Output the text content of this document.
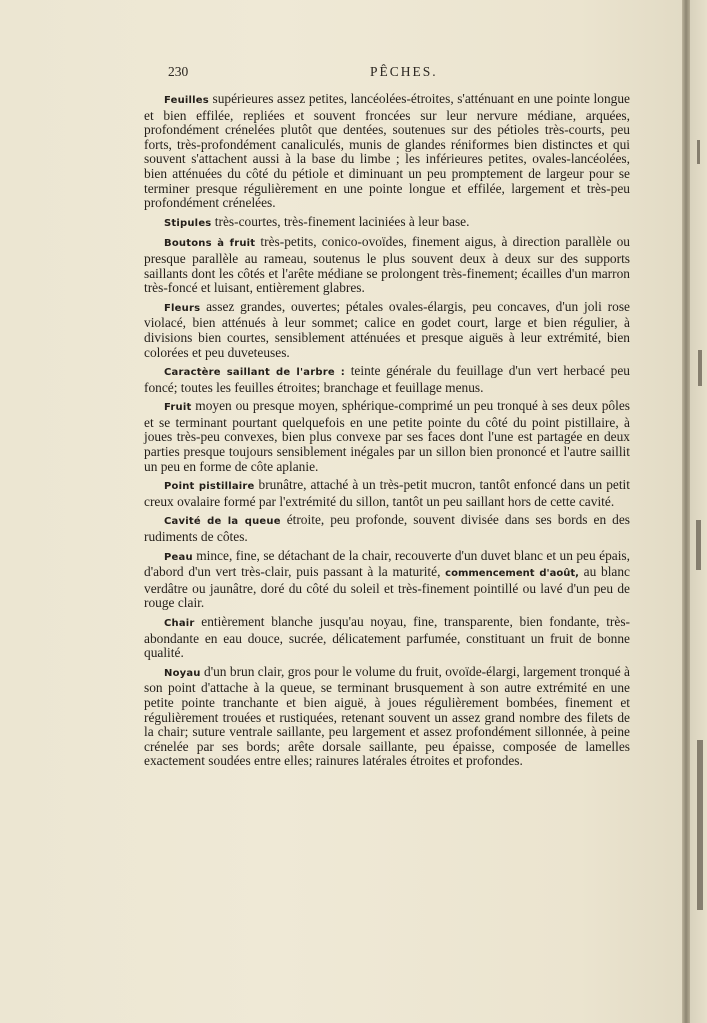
230	PÊCHES.

Feuilles supérieures assez petites, lancéolées-étroites, s'atténuant en une pointe longue et bien effilée, repliées et souvent froncées sur leur nervure médiane, arquées, profondément crénelées plutôt que dentées, soutenues sur des pétioles très-courts, peu forts, très-profondément canaliculés, munis de glandes réniformes bien distinctes et qui souvent s'attachent aussi à la base du limbe ; les inférieures petites, ovales-lancéolées, bien atténuées du côté du pétiole et diminuant un peu promptement de largeur pour se terminer presque régulièrement en une pointe longue et effilée, largement et très-peu profondément crénelées.

Stipules très-courtes, très-finement laciniées à leur base.

Boutons à fruit très-petits, conico-ovoïdes, finement aigus, à direction parallèle ou presque parallèle au rameau, soutenus le plus souvent deux à deux sur des supports saillants dont les côtés et l'arête médiane se prolongent très-finement; écailles d'un marron très-foncé et luisant, entièrement glabres.

Fleurs assez grandes, ouvertes; pétales ovales-élargis, peu concaves, d'un joli rose violacé, bien atténués à leur sommet; calice en godet court, large et bien régulier, à divisions bien courtes, sensiblement atténuées et presque aiguës à leur extrémité, bien colorées et peu duveteuses.

Caractère saillant de l'arbre : teinte générale du feuillage d'un vert herbacé peu foncé; toutes les feuilles étroites; branchage et feuillage menus.

Fruit moyen ou presque moyen, sphérique-comprimé un peu tronqué à ses deux pôles et se terminant pourtant quelquefois en une petite pointe du côté du point pistillaire, à joues très-peu convexes, bien plus convexe par ses faces dont l'une est partagée en deux parties presque toujours sensiblement inégales par un sillon bien prononcé et l'autre saillit un peu en forme de côte aplanie.

Point pistillaire brunâtre, attaché à un très-petit mucron, tantôt enfoncé dans un petit creux ovalaire formé par l'extrémité du sillon, tantôt un peu saillant hors de cette cavité.

Cavité de la queue étroite, peu profonde, souvent divisée dans ses bords en des rudiments de côtes.

Peau mince, fine, se détachant de la chair, recouverte d'un duvet blanc et un peu épais, d'abord d'un vert très-clair, puis passant à la maturité, commencement d'août, au blanc verdâtre ou jaunâtre, doré du côté du soleil et très-finement pointillé ou lavé d'un peu de rouge clair.

Chair entièrement blanche jusqu'au noyau, fine, transparente, bien fondante, très-abondante en eau douce, sucrée, délicatement parfumée, constituant un fruit de bonne qualité.

Noyau d'un brun clair, gros pour le volume du fruit, ovoïde-élargi, largement tronqué à son point d'attache à la queue, se terminant brusquement à son autre extrémité en une petite pointe tranchante et bien aiguë, à joues régulièrement bombées, finement et régulièrement trouées et rustiquées, retenant souvent un assez grand nombre des filets de la chair; suture ventrale saillante, peu largement et assez profondément sillonnée, à peine crénelée par ses bords; arête dorsale saillante, peu épaisse, composée de lamelles exactement soudées entre elles; rainures latérales étroites et profondes.
